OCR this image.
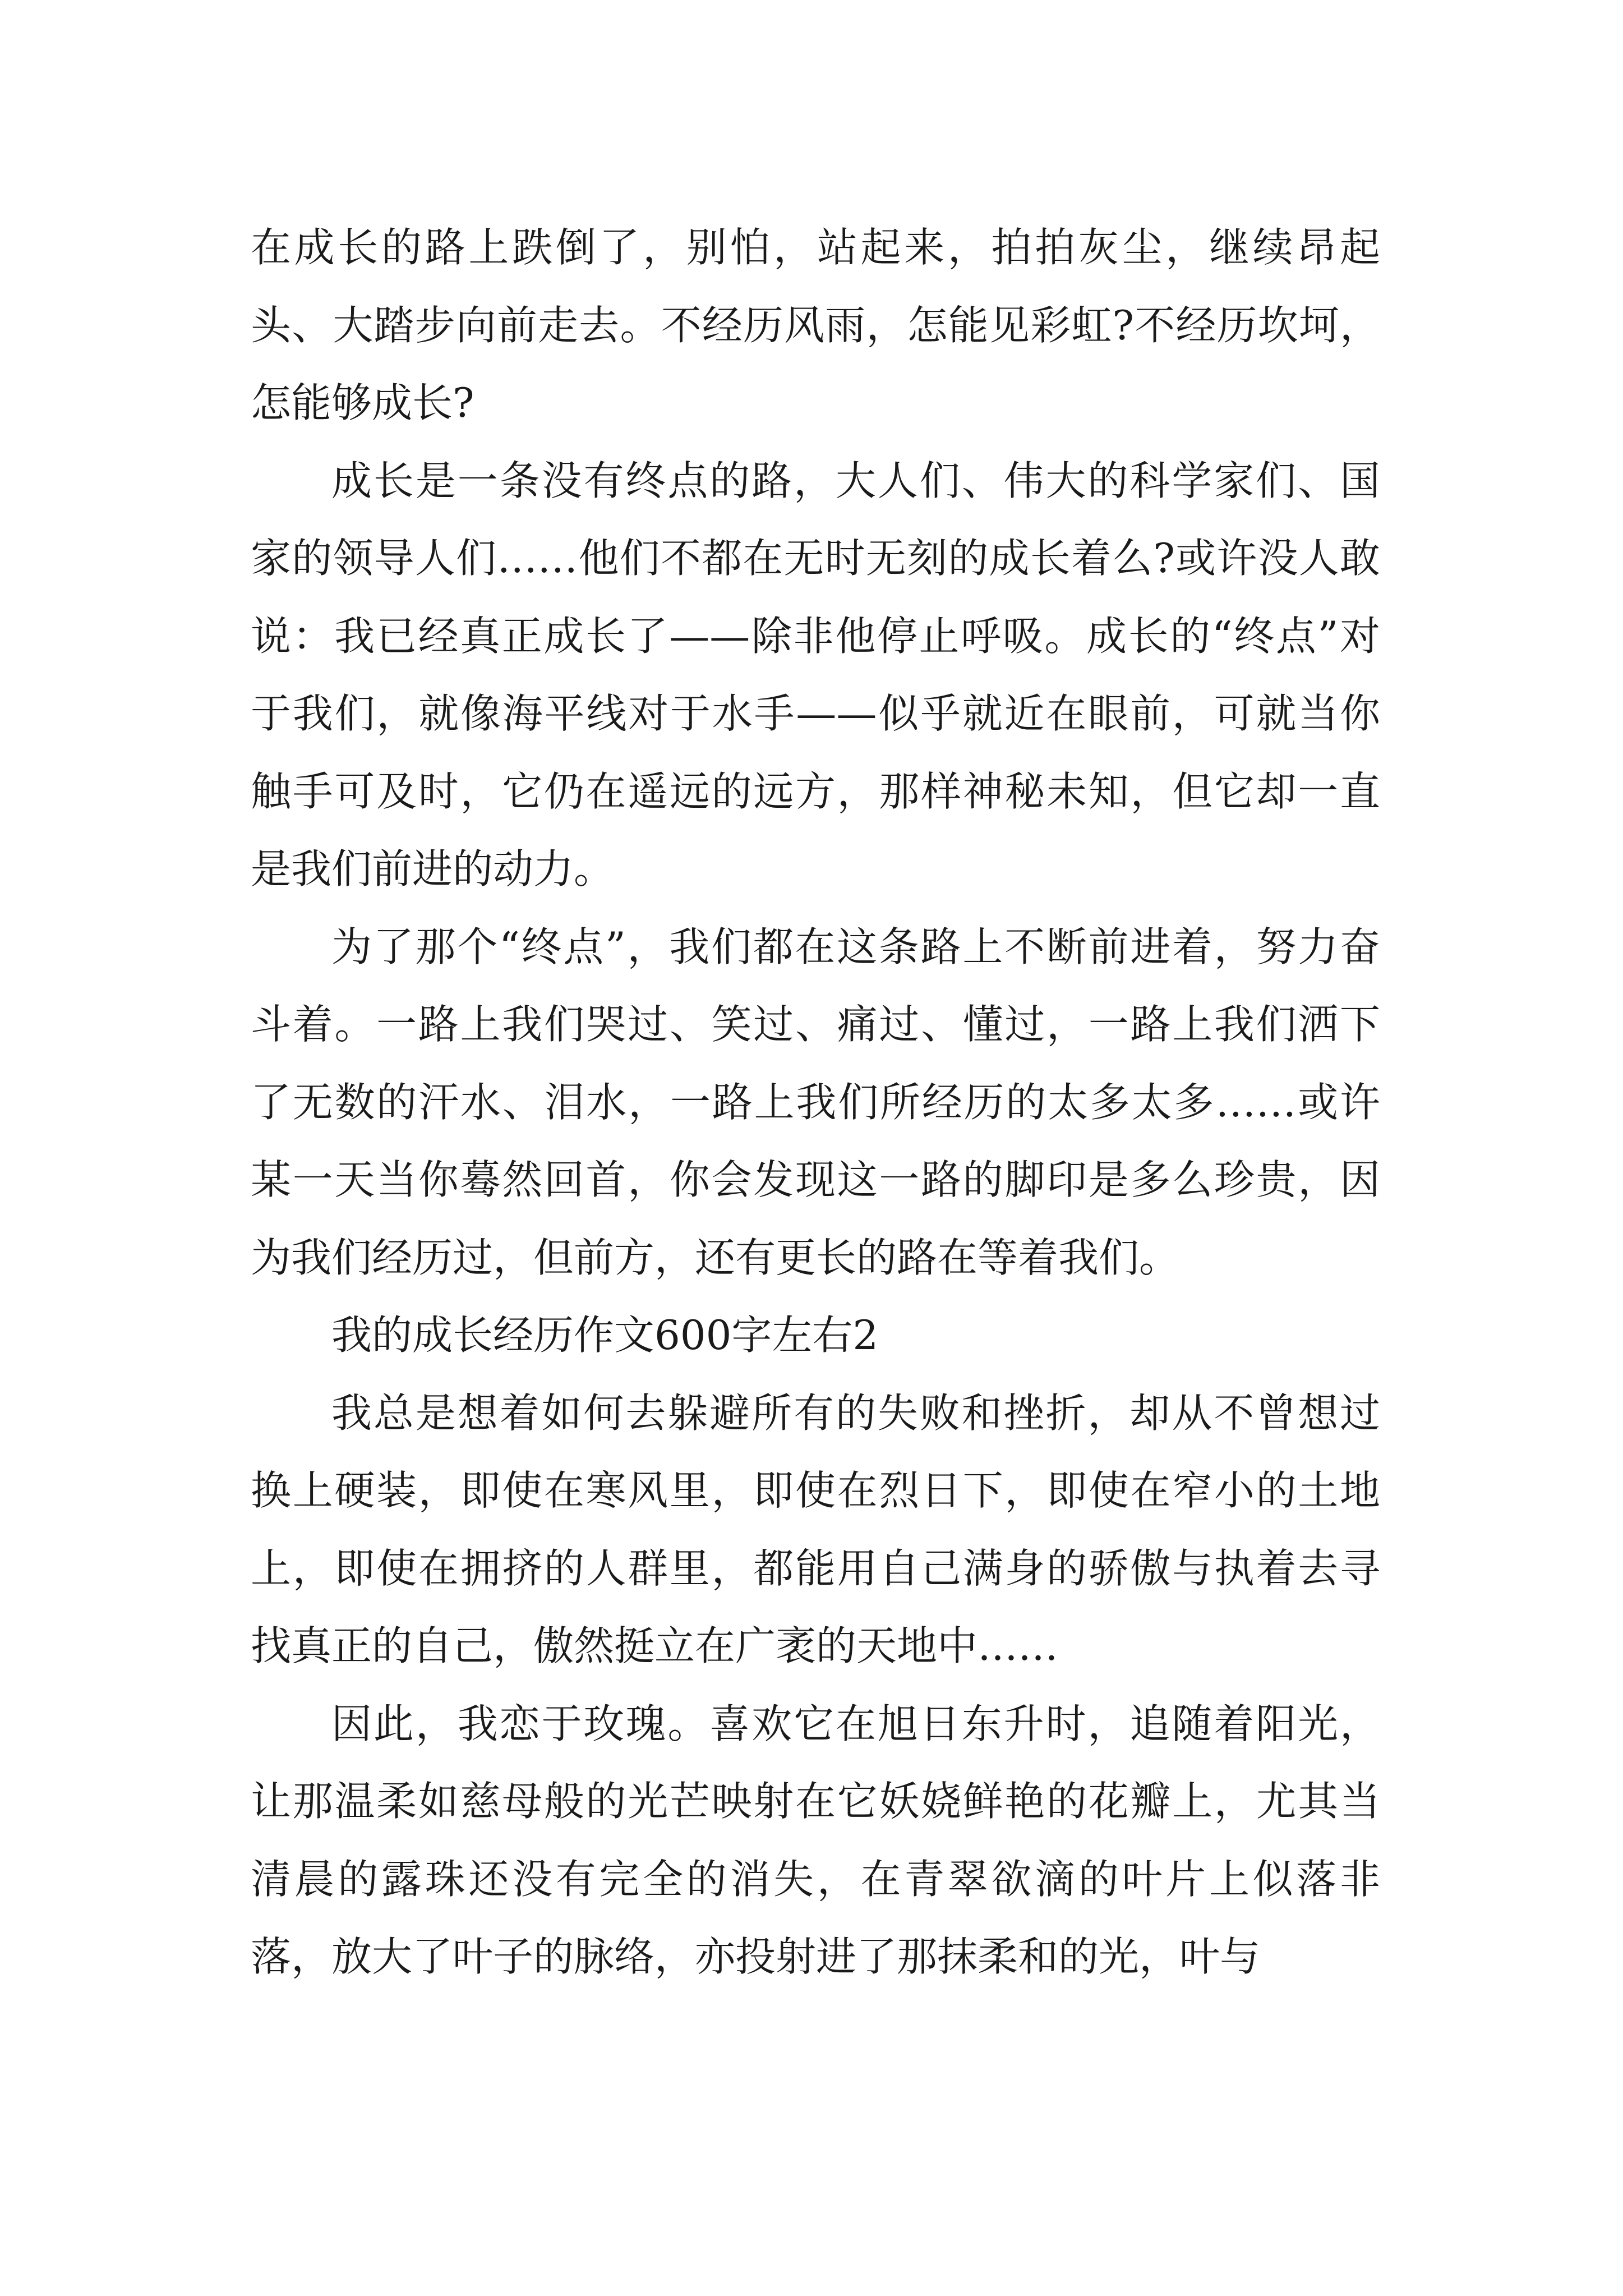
在成长的路上跌倒了，别怕，站起来，拍拍灰尘，继续昂起头、大踏步向前走去。不经历风雨，怎能见彩虹?不经历坎坷，怎能够成长?

成长是一条没有终点的路，大人们、伟大的科学家们、国家的领导人们……他们不都在无时无刻的成长着么?或许没人敢说：我已经真正成长了——除非他停止呼吸。成长的“终点”对于我们，就像海平线对于水手——似乎就近在眼前，可就当你触手可及时，它仍在遥远的远方，那样神秘未知，但它却一直是我们前进的动力。

为了那个“终点”，我们都在这条路上不断前进着，努力奋斗着。一路上我们哭过、笑过、痛过、懂过，一路上我们洒下了无数的汗水、泪水，一路上我们所经历的太多太多……或许某一天当你蓦然回首，你会发现这一路的脚印是多么珍贵，因为我们经历过，但前方，还有更长的路在等着我们。

我的成长经历作文600字左右2

我总是想着如何去躲避所有的失败和挫折，却从不曾想过换上硬装，即使在寒风里，即使在烈日下，即使在窄小的土地上，即使在拥挤的人群里，都能用自己满身的骄傲与执着去寻找真正的自己，傲然挺立在广袤的天地中……

因此，我恋于玫瑰。喜欢它在旭日东升时，追随着阳光，让那温柔如慈母般的光芒映射在它妖娆鲜艳的花瓣上，尤其当清晨的露珠还没有完全的消失，在青翠欲滴的叶片上似落非落，放大了叶子的脉络，亦投射进了那抹柔和的光，叶与
